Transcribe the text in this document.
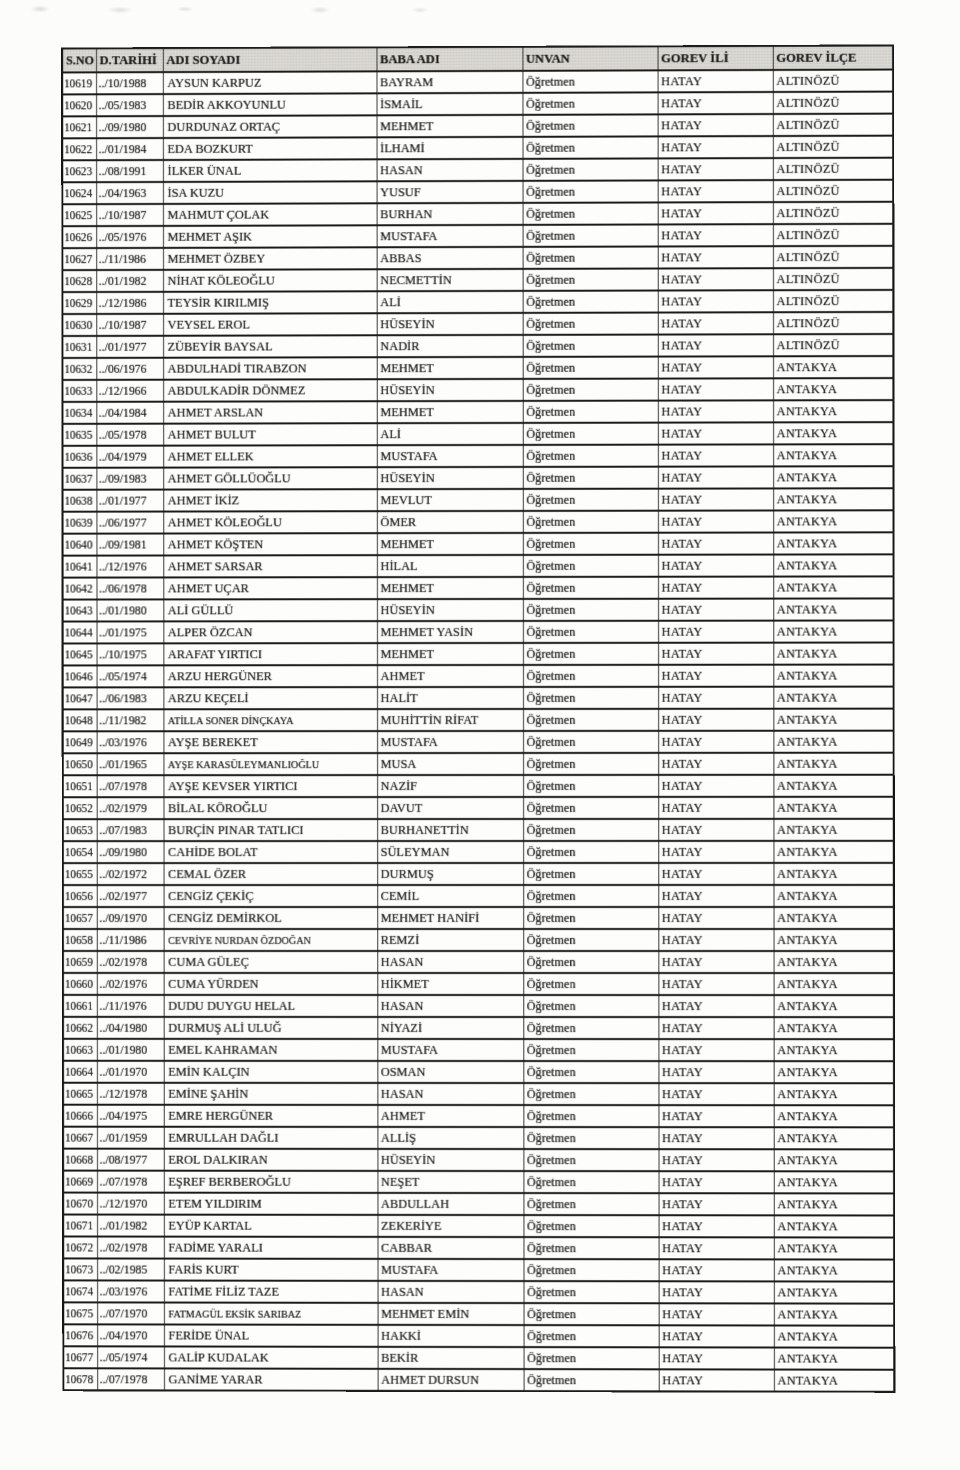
S.NO	D.TARİHİ	ADI SOYADI	BABA ADI	UNVAN	GOREV İLİ	GOREV İLÇE
10619	../10/1988	AYSUN KARPUZ	BAYRAM	Öğretmen	HATAY	ALTINÖZÜ
10620	../05/1983	BEDİR AKKOYUNLU	İSMAİL	Öğretmen	HATAY	ALTINÖZÜ
10621	../09/1980	DURDUNAZ ORTAÇ	MEHMET	Öğretmen	HATAY	ALTINÖZÜ
10622	../01/1984	EDA BOZKURT	İLHAMİ	Öğretmen	HATAY	ALTINÖZÜ
10623	../08/1991	İLKER ÜNAL	HASAN	Öğretmen	HATAY	ALTINÖZÜ
10624	../04/1963	İSA KUZU	YUSUF	Öğretmen	HATAY	ALTINÖZÜ
10625	../10/1987	MAHMUT ÇOLAK	BURHAN	Öğretmen	HATAY	ALTINÖZÜ
10626	../05/1976	MEHMET AŞIK	MUSTAFA	Öğretmen	HATAY	ALTINÖZÜ
10627	../11/1986	MEHMET ÖZBEY	ABBAS	Öğretmen	HATAY	ALTINÖZÜ
10628	../01/1982	NİHAT KÖLEOĞLU	NECMETTİN	Öğretmen	HATAY	ALTINÖZÜ
10629	../12/1986	TEYSİR KIRILMIŞ	ALİ	Öğretmen	HATAY	ALTINÖZÜ
10630	../10/1987	VEYSEL EROL	HÜSEYİN	Öğretmen	HATAY	ALTINÖZÜ
10631	../01/1977	ZÜBEYİR BAYSAL	NADİR	Öğretmen	HATAY	ALTINÖZÜ
10632	../06/1976	ABDULHADİ TIRABZON	MEHMET	Öğretmen	HATAY	ANTAKYA
10633	../12/1966	ABDULKADİR DÖNMEZ	HÜSEYİN	Öğretmen	HATAY	ANTAKYA
10634	../04/1984	AHMET ARSLAN	MEHMET	Öğretmen	HATAY	ANTAKYA
10635	../05/1978	AHMET BULUT	ALİ	Öğretmen	HATAY	ANTAKYA
10636	../04/1979	AHMET ELLEK	MUSTAFA	Öğretmen	HATAY	ANTAKYA
10637	../09/1983	AHMET GÖLLÜOĞLU	HÜSEYİN	Öğretmen	HATAY	ANTAKYA
10638	../01/1977	AHMET İKİZ	MEVLUT	Öğretmen	HATAY	ANTAKYA
10639	../06/1977	AHMET KÖLEOĞLU	ÖMER	Öğretmen	HATAY	ANTAKYA
10640	../09/1981	AHMET KÖŞTEN	MEHMET	Öğretmen	HATAY	ANTAKYA
10641	../12/1976	AHMET SARSAR	HİLAL	Öğretmen	HATAY	ANTAKYA
10642	../06/1978	AHMET UÇAR	MEHMET	Öğretmen	HATAY	ANTAKYA
10643	../01/1980	ALİ GÜLLÜ	HÜSEYİN	Öğretmen	HATAY	ANTAKYA
10644	../01/1975	ALPER ÖZCAN	MEHMET YASİN	Öğretmen	HATAY	ANTAKYA
10645	../10/1975	ARAFAT YIRTICI	MEHMET	Öğretmen	HATAY	ANTAKYA
10646	../05/1974	ARZU HERGÜNER	AHMET	Öğretmen	HATAY	ANTAKYA
10647	../06/1983	ARZU KEÇELİ	HALİT	Öğretmen	HATAY	ANTAKYA
10648	../11/1982	ATİLLA SONER DİNÇKAYA	MUHİTTİN RİFAT	Öğretmen	HATAY	ANTAKYA
10649	../03/1976	AYŞE BEREKET	MUSTAFA	Öğretmen	HATAY	ANTAKYA
10650	../01/1965	AYŞE KARASÜLEYMANLIOĞLU	MUSA	Öğretmen	HATAY	ANTAKYA
10651	../07/1978	AYŞE KEVSER YIRTICI	NAZİF	Öğretmen	HATAY	ANTAKYA
10652	../02/1979	BİLAL KÖROĞLU	DAVUT	Öğretmen	HATAY	ANTAKYA
10653	../07/1983	BURÇİN PINAR TATLICI	BURHANETTİN	Öğretmen	HATAY	ANTAKYA
10654	../09/1980	CAHİDE BOLAT	SÜLEYMAN	Öğretmen	HATAY	ANTAKYA
10655	../02/1972	CEMAL ÖZER	DURMUŞ	Öğretmen	HATAY	ANTAKYA
10656	../02/1977	CENGİZ ÇEKİÇ	CEMİL	Öğretmen	HATAY	ANTAKYA
10657	../09/1970	CENGİZ DEMİRKOL	MEHMET HANİFİ	Öğretmen	HATAY	ANTAKYA
10658	../11/1986	CEVRİYE NURDAN ÖZDOĞAN	REMZİ	Öğretmen	HATAY	ANTAKYA
10659	../02/1978	CUMA GÜLEÇ	HASAN	Öğretmen	HATAY	ANTAKYA
10660	../02/1976	CUMA YÜRDEN	HİKMET	Öğretmen	HATAY	ANTAKYA
10661	../11/1976	DUDU DUYGU HELAL	HASAN	Öğretmen	HATAY	ANTAKYA
10662	../04/1980	DURMUŞ ALİ ULUĞ	NİYAZİ	Öğretmen	HATAY	ANTAKYA
10663	../01/1980	EMEL KAHRAMAN	MUSTAFA	Öğretmen	HATAY	ANTAKYA
10664	../01/1970	EMİN KALÇIN	OSMAN	Öğretmen	HATAY	ANTAKYA
10665	../12/1978	EMİNE ŞAHİN	HASAN	Öğretmen	HATAY	ANTAKYA
10666	../04/1975	EMRE HERGÜNER	AHMET	Öğretmen	HATAY	ANTAKYA
10667	../01/1959	EMRULLAH DAĞLI	ALLİŞ	Öğretmen	HATAY	ANTAKYA
10668	../08/1977	EROL DALKIRAN	HÜSEYİN	Öğretmen	HATAY	ANTAKYA
10669	../07/1978	EŞREF BERBEROĞLU	NEŞET	Öğretmen	HATAY	ANTAKYA
10670	../12/1970	ETEM YILDIRIM	ABDULLAH	Öğretmen	HATAY	ANTAKYA
10671	../01/1982	EYÜP KARTAL	ZEKERİYE	Öğretmen	HATAY	ANTAKYA
10672	../02/1978	FADİME YARALI	CABBAR	Öğretmen	HATAY	ANTAKYA
10673	../02/1985	FARİS KURT	MUSTAFA	Öğretmen	HATAY	ANTAKYA
10674	../03/1976	FATİME FİLİZ TAZE	HASAN	Öğretmen	HATAY	ANTAKYA
10675	../07/1970	FATMAGÜL EKSİK SARIBAZ	MEHMET EMİN	Öğretmen	HATAY	ANTAKYA
10676	../04/1970	FERİDE ÜNAL	HAKKİ	Öğretmen	HATAY	ANTAKYA
10677	../05/1974	GALİP KUDALAK	BEKİR	Öğretmen	HATAY	ANTAKYA
10678	../07/1978	GANİME YARAR	AHMET DURSUN	Öğretmen	HATAY	ANTAKYA
